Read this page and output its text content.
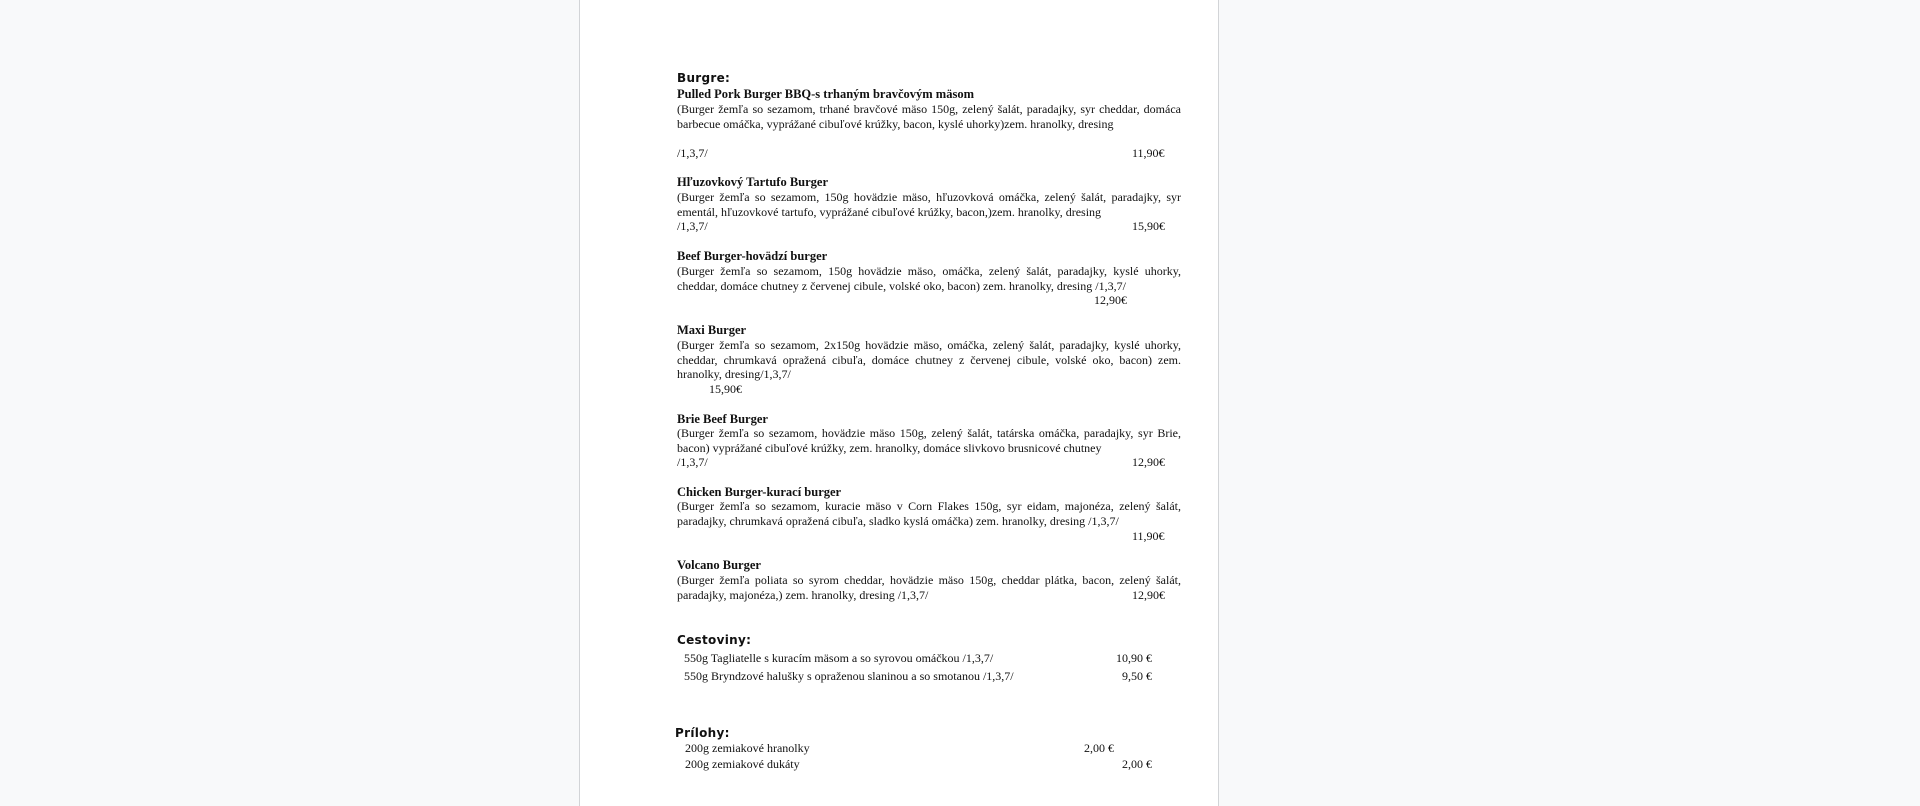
Burgre:
Pulled Pork Burger BBQ-s trhaným bravčovým mäsom
(Burger žemľa so sezamom, trhané bravčové mäso 150g, zelený šalát, paradajky, syr cheddar, domáca barbecue omáčka, vyprážané cibuľové krúžky, bacon, kyslé uhorky)zem. hranolky, dresing
/1,3,7/	11,90€
Hľuzovkový Tartufo Burger
(Burger žemľa so sezamom, 150g hovädzie mäso, hľuzovková omáčka, zelený šalát, paradajky, syr ementál, hľuzovkové tartufo, vyprážané cibuľové krúžky, bacon,)zem. hranolky, dresing
/1,3,7/	15,90€
Beef Burger-hovädzí burger
(Burger žemľa so sezamom, 150g hovädzie mäso, omáčka, zelený šalát, paradajky, kyslé uhorky, cheddar, domáce chutney z červenej cibule, volské oko, bacon) zem. hranolky, dresing /1,3,7/
12,90€
Maxi Burger
(Burger žemľa so sezamom, 2x150g hovädzie mäso, omáčka, zelený šalát, paradajky, kyslé uhorky, cheddar, chrumkavá opražená cibuľa, domáce chutney z červenej cibule, volské oko, bacon) zem. hranolky, dresing/1,3,7/
15,90€
Brie Beef Burger
(Burger žemľa so sezamom, hovädzie mäso 150g, zelený šalát, tatárska omáčka, paradajky, syr Brie, bacon) vyprážané cibuľové krúžky, zem. hranolky, domáce slivkovo brusnicové chutney
/1,3,7/	12,90€
Chicken Burger-kurací burger
(Burger žemľa so sezamom, kuracie mäso v Corn Flakes 150g, syr eidam, majonéza, zelený šalát, paradajky, chrumkavá opražená cibuľa, sladko kyslá omáčka) zem. hranolky, dresing /1,3,7/
11,90€
Volcano Burger
(Burger žemľa poliata so syrom cheddar, hovädzie mäso 150g, cheddar plátka, bacon, zelený šalát, paradajky, majonéza,) zem. hranolky, dresing /1,3,7/	12,90€
Cestoviny:
550g Tagliatelle s kuracím mäsom a so syrovou omáčkou /1,3,7/	10,90 €
550g Bryndzové halušky s opraženou slaninou a so smotanou /1,3,7/	9,50 €
Prílohy:
200g zemiakové hranolky	2,00 €
200g zemiakové dukáty	2,00 €
